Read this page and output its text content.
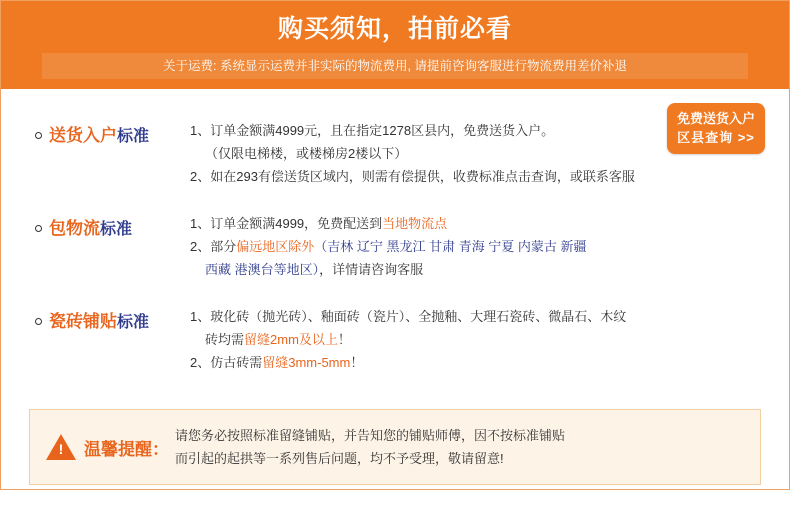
购买须知，拍前必看
关于运费: 系统显示运费并非实际的物流费用, 请提前咨询客服进行物流费用差价补退
免费送货入户
区县查询 >>
送货入户 标准	1、订单金额满4999元，且在指定1278区县内，免费送货入户。
（仅限电梯楼，或楼梯房2楼以下）
2、如在293有偿送货区域内，则需有偿提供，收费标准点击查询，或联系客服
包物流 标准	1、订单金额满4999，免费配送到当地物流点
2、部分偏远地区除外（吉林 辽宁 黑龙江 甘肃 青海 宁夏 内蒙古 新疆
西藏 港澳台等地区），详情请咨询客服
瓷砖铺贴 标准	1、玻化砖（抛光砖）、釉面砖（瓷片）、全抛釉、大理石瓷砖、微晶石、木纹
砖均需留缝2mm及以上！
2、仿古砖需留缝3mm-5mm！
!	温馨提醒：
请您务必按照标准留缝铺贴，并告知您的铺贴师傅，因不按标准铺贴
而引起的起拱等一系列售后问题，均不予受理，敬请留意!
